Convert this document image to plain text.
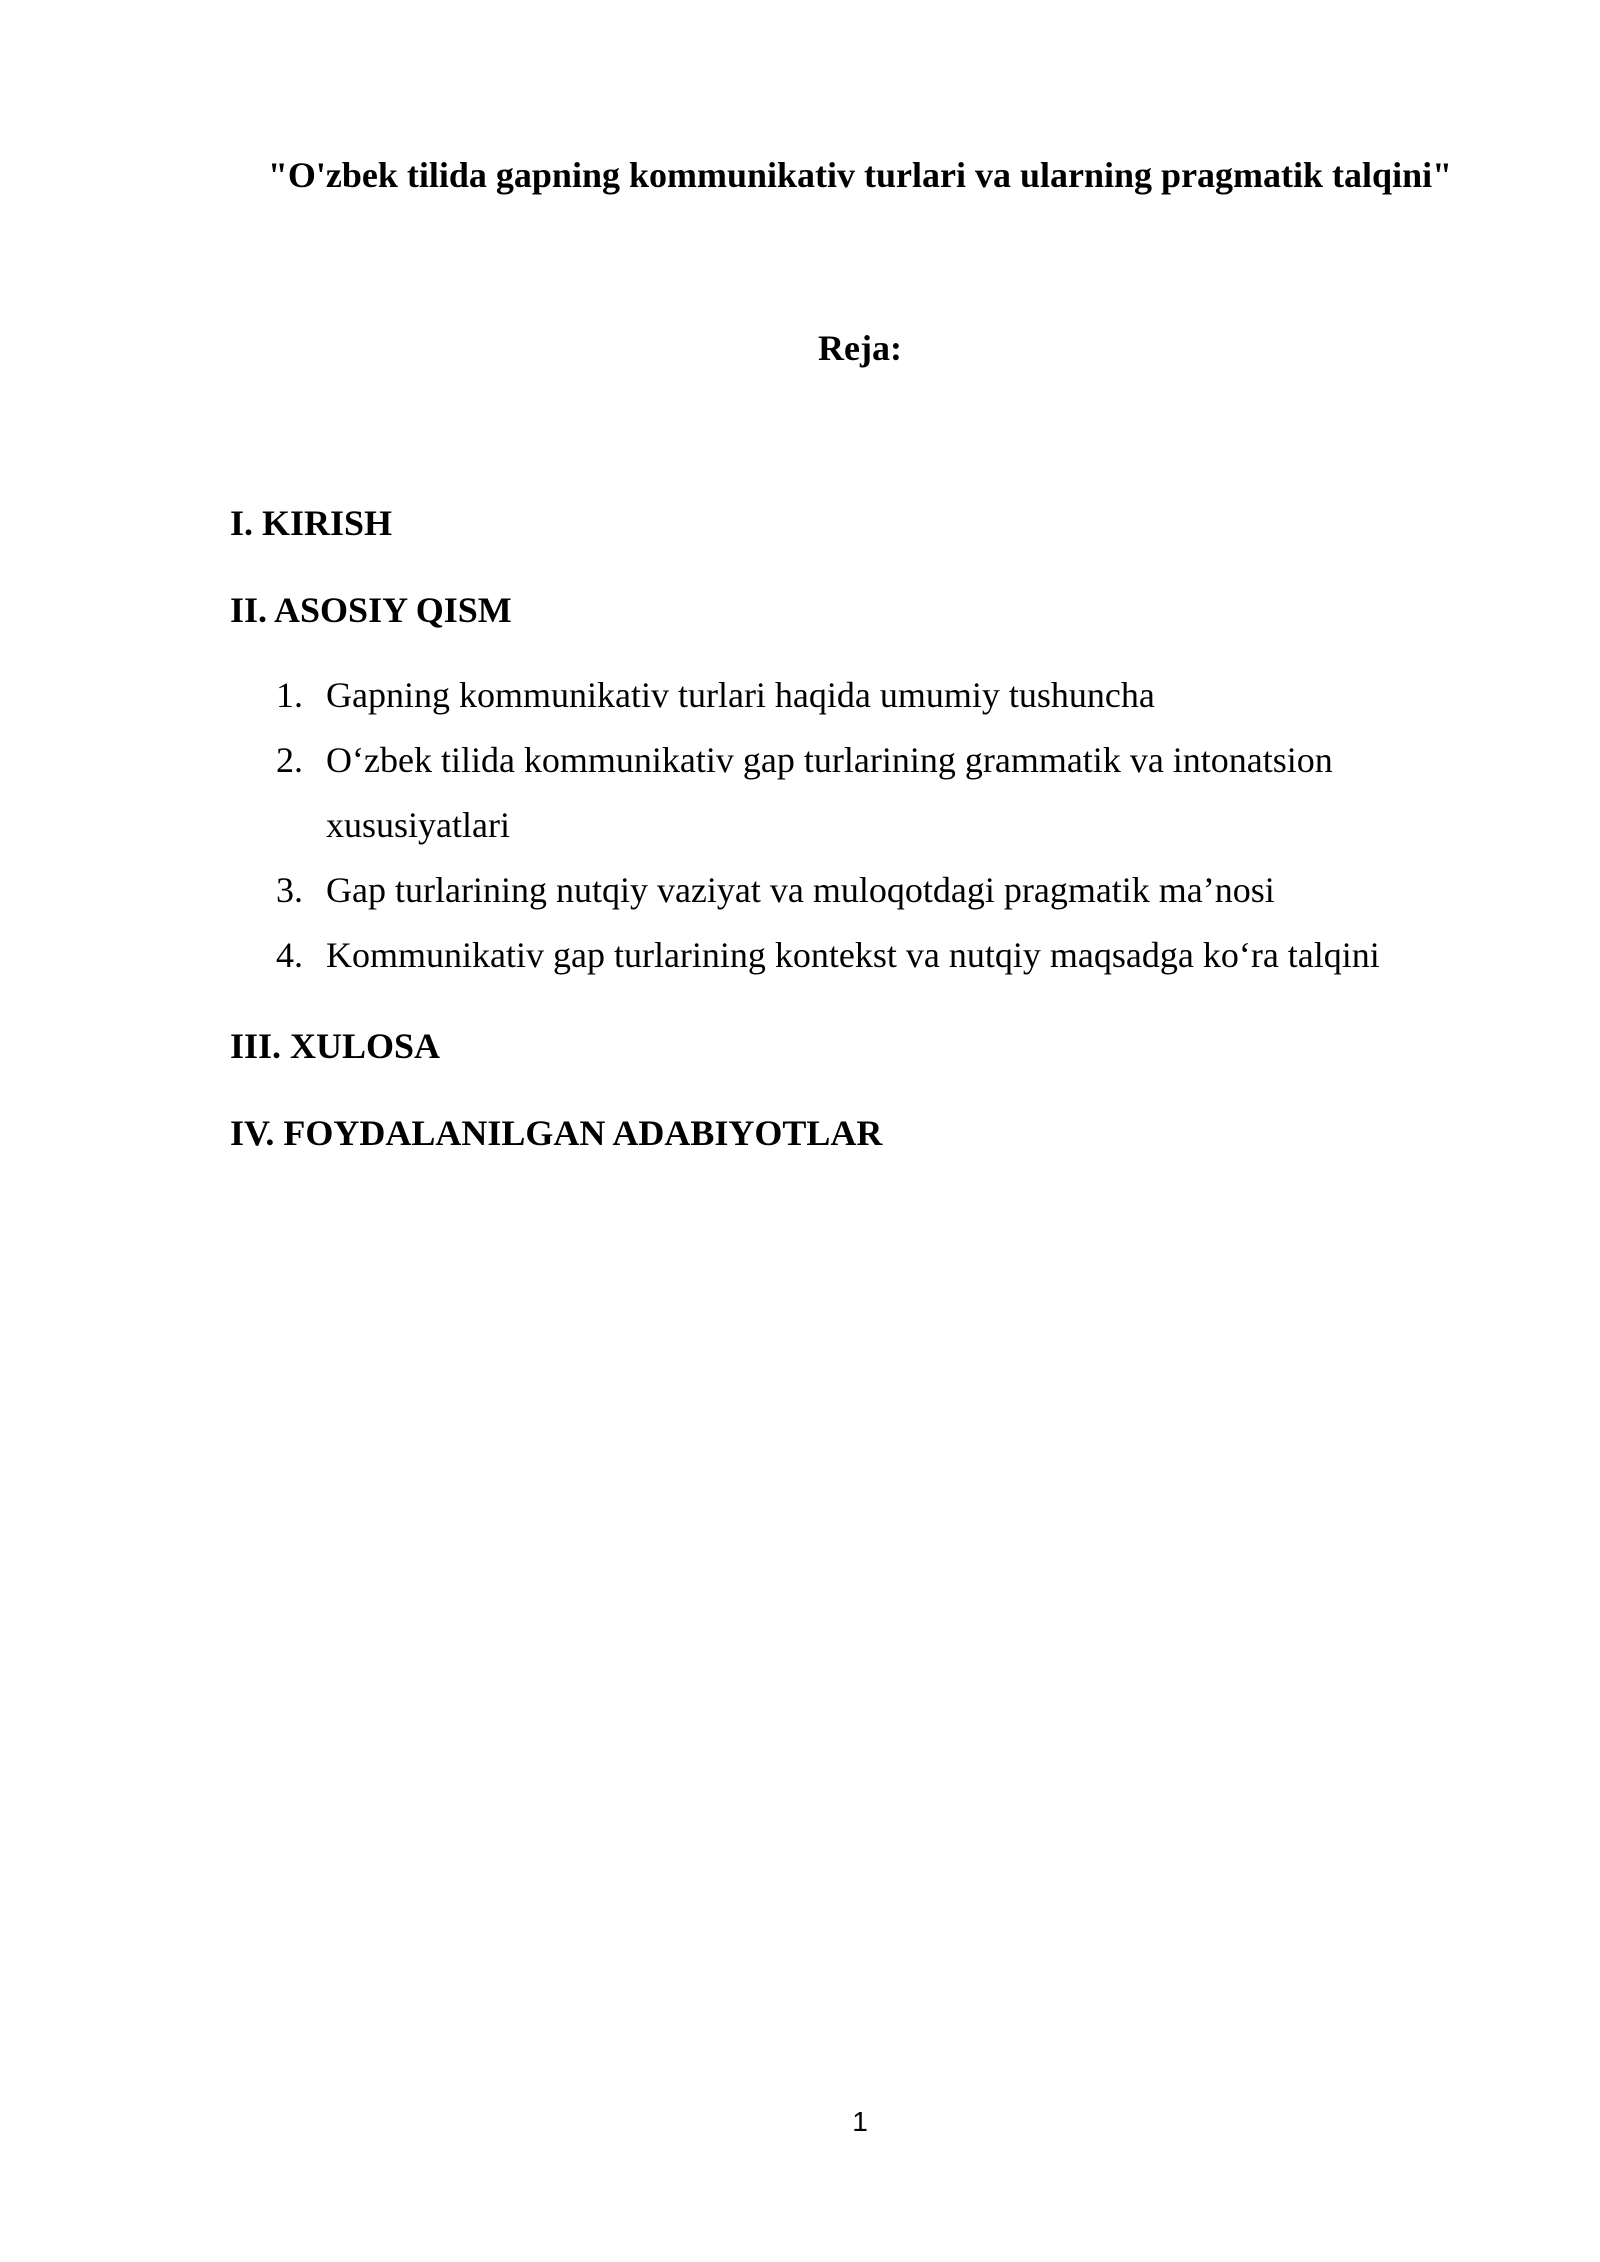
"O'zbek tilida gapning kommunikativ turlari va ularning pragmatik talqini"
Reja:
I. KIRISH
II. ASOSIY QISM
1. Gapning kommunikativ turlari haqida umumiy tushuncha
2. O‘zbek tilida kommunikativ gap turlarining grammatik va intonatsion xususiyatlari
3. Gap turlarining nutqiy vaziyat va muloqotdagi pragmatik ma’nosi
4. Kommunikativ gap turlarining kontekst va nutqiy maqsadga ko‘ra talqini
III. XULOSA
IV. FOYDALANILGAN ADABIYOTLAR
1
